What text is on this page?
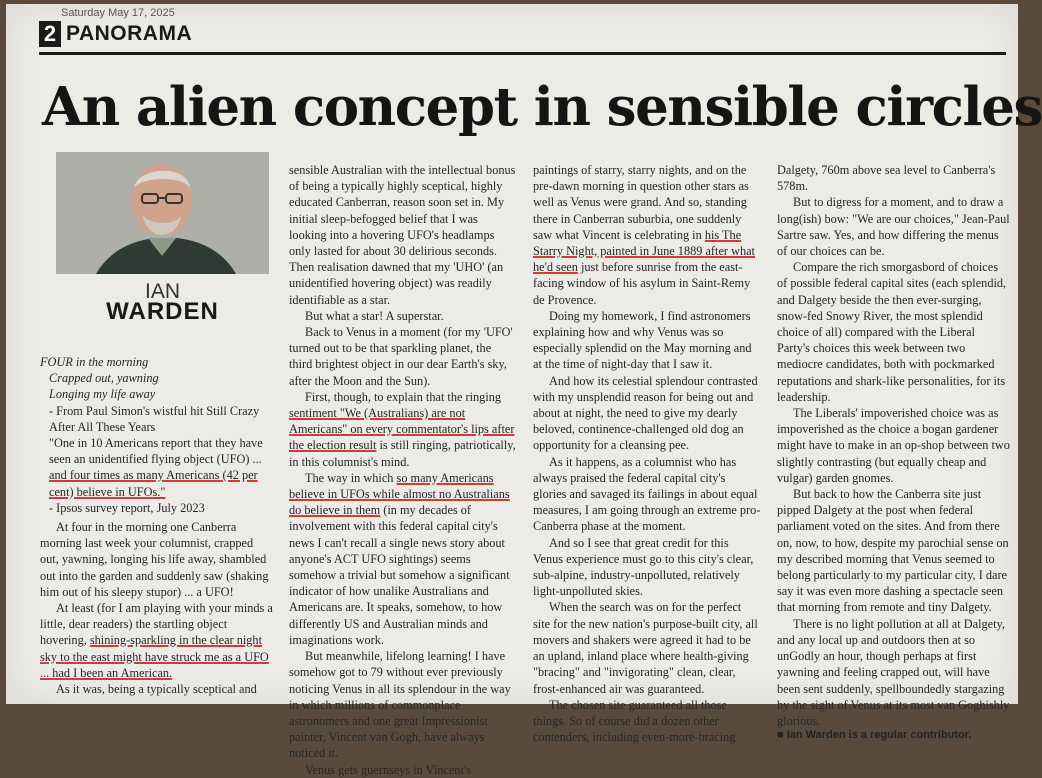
Saturday May 17, 2025
2 PANORAMA
An alien concept in sensible circles
IAN
WARDEN

FOUR in the morning

Crapped out, yawning

Longing my life away

- From Paul Simon's wistful hit Still Crazy After All These Years

"One in 10 Americans report that they have seen an unidentified flying object (UFO) ... and four times as many Americans (42 per cent) believe in UFOs."

- Ipsos survey report, July 2023

At four in the morning one Canberra morning last week your columnist, crapped out, yawning, longing his life away, shambled out into the garden and suddenly saw (shaking him out of his sleepy stupor) ... a UFO!

At least (for I am playing with your minds a little, dear readers) the startling object hovering, shining-sparkling in the clear night sky to the east might have struck me as a UFO ... had I been an American.

As it was, being a typically sceptical and

sensible Australian with the intellectual bonus of being a typically highly sceptical, highly educated Canberran, reason soon set in. My initial sleep-befogged belief that I was looking into a hovering UFO's headlamps only lasted for about 30 delirious seconds. Then realisation dawned that my 'UHO' (an unidentified hovering object) was readily identifiable as a star.

But what a star! A superstar.

Back to Venus in a moment (for my 'UFO' turned out to be that sparkling planet, the third brightest object in our dear Earth's sky, after the Moon and the Sun).

First, though, to explain that the ringing sentiment "We (Australians) are not Americans" on every commentator's lips after the election result is still ringing, patriotically, in this columnist's mind.

The way in which so many Americans believe in UFOs while almost no Australians do believe in them (in my decades of involvement with this federal capital city's news I can't recall a single news story about anyone's ACT UFO sightings) seems somehow a trivial but somehow a significant indicator of how unalike Australians and Americans are. It speaks, somehow, to how differently US and Australian minds and imaginations work.

But meanwhile, lifelong learning! I have somehow got to 79 without ever previously noticing Venus in all its splendour in the way in which millions of commonplace astronomers and one great Impressionist painter, Vincent van Gogh, have always noticed it.

Venus gets guernseys in Vincent's

paintings of starry, starry nights, and on the pre-dawn morning in question other stars as well as Venus were grand. And so, standing there in Canberran suburbia, one suddenly saw what Vincent is celebrating in his The Starry Night, painted in June 1889 after what he'd seen just before sunrise from the east-facing window of his asylum in Saint-Remy de Provence.

Doing my homework, I find astronomers explaining how and why Venus was so especially splendid on the May morning and at the time of night-day that I saw it.

And how its celestial splendour contrasted with my unsplendid reason for being out and about at night, the need to give my dearly beloved, continence-challenged old dog an opportunity for a cleansing pee.

As it happens, as a columnist who has always praised the federal capital city's glories and savaged its failings in about equal measures, I am going through an extreme pro-Canberra phase at the moment.

And so I see that great credit for this Venus experience must go to this city's clear, sub-alpine, industry-unpolluted, relatively light-unpolluted skies.

When the search was on for the perfect site for the new nation's purpose-built city, all movers and shakers were agreed it had to be an upland, inland place where health-giving "bracing" and "invigorating" clean, clear, frost-enhanced air was guaranteed.

The chosen site guaranteed all those things. So of course did a dozen other contenders, including even-more-bracing

Dalgety, 760m above sea level to Canberra's 578m.

But to digress for a moment, and to draw a long(ish) bow: "We are our choices," Jean-Paul Sartre saw. Yes, and how differing the menus of our choices can be.

Compare the rich smorgasbord of choices of possible federal capital sites (each splendid, and Dalgety beside the then ever-surging, snow-fed Snowy River, the most splendid choice of all) compared with the Liberal Party's choices this week between two mediocre candidates, both with pockmarked reputations and shark-like personalities, for its leadership.

The Liberals' impoverished choice was as impoverished as the choice a bogan gardener might have to make in an op-shop between two slightly contrasting (but equally cheap and vulgar) garden gnomes.

But back to how the Canberra site just pipped Dalgety at the post when federal parliament voted on the sites. And from there on, now, to how, despite my parochial sense on my described morning that Venus seemed to belong particularly to my particular city, I dare say it was even more dashing a spectacle seen that morning from remote and tiny Dalgety.

There is no light pollution at all at Dalgety, and any local up and outdoors then at so unGodly an hour, though perhaps at first yawning and feeling crapped out, will have been sent suddenly, spellboundedly stargazing by the sight of Venus at its most van Goghishly glorious.

■ Ian Warden is a regular contributor.
